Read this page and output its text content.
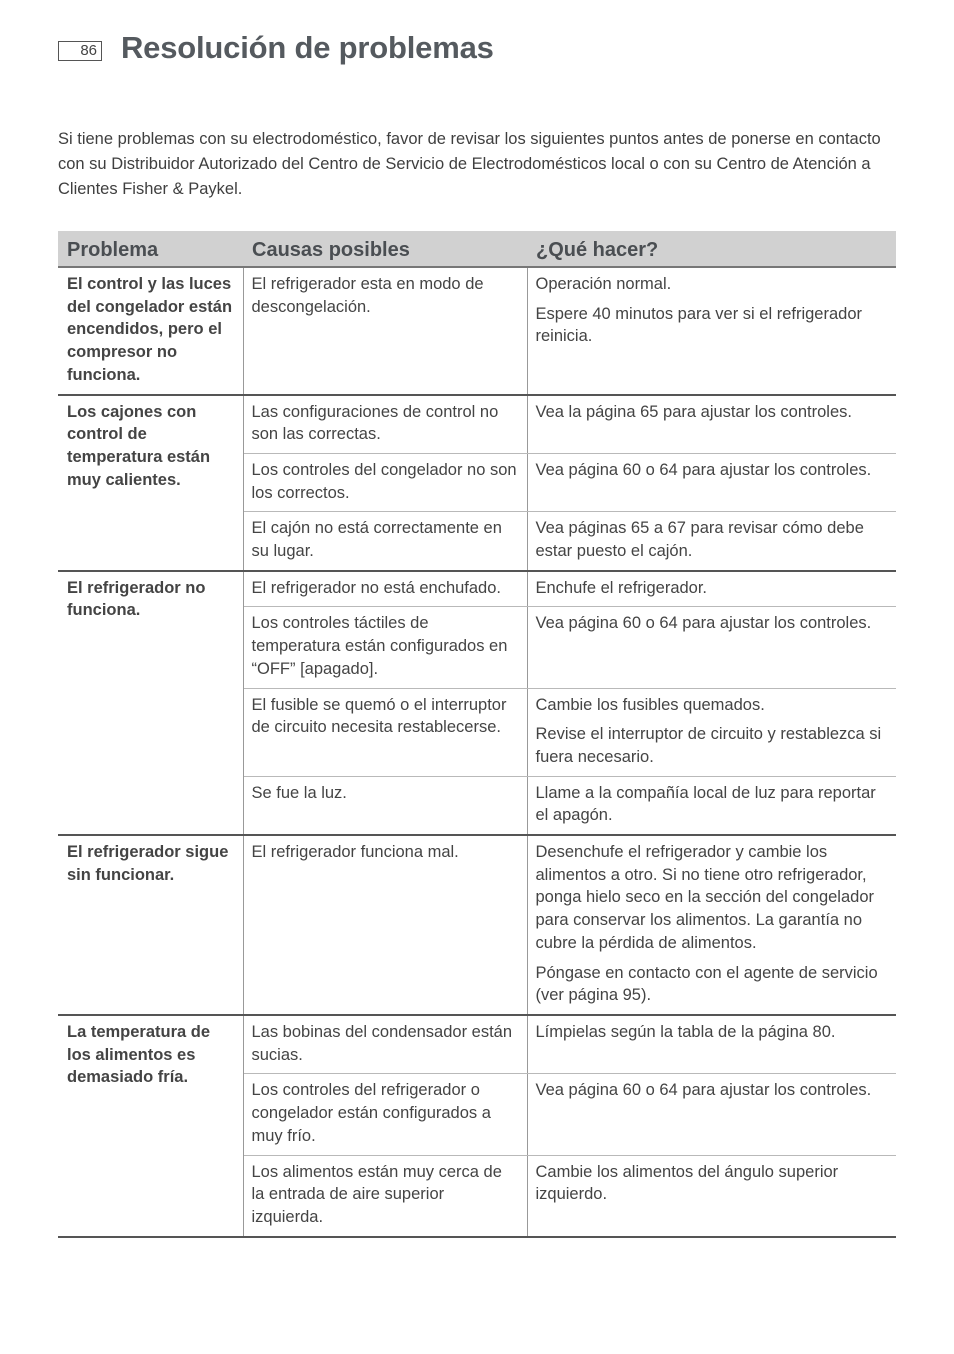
86 Resolución de problemas

Si tiene problemas con su electrodoméstico, favor de revisar los siguientes puntos antes de ponerse en contacto con su Distribuidor Autorizado del Centro de Servicio de Electrodomésticos local o con su Centro de Atención a Clientes Fisher & Paykel.

Problema	Causas posibles	¿Qué hacer?
El control y las luces del congelador están encendidos, pero el compresor no funciona.	El refrigerador esta en modo de descongelación.	Operación normal.

Espere 40 minutos para ver si el refrigerador reinicia.

Los cajones con control de temperatura están muy calientes.	Las configuraciones de control no son las correctas.	Vea la página 65 para ajustar los controles.

	Los controles del congelador no son los correctos.	Vea página 60 o 64 para ajustar los controles.

	El cajón no está correctamente en su lugar.	Vea páginas 65 a 67 para revisar cómo debe estar puesto el cajón.

El refrigerador no funciona.	El refrigerador no está enchufado.	Enchufe el refrigerador.

	Los controles táctiles de temperatura están configurados en “OFF” [apagado].	Vea página 60 o 64 para ajustar los controles.

	El fusible se quemó o el interruptor de circuito necesita restablecerse.	Cambie los fusibles quemados.

Revise el interruptor de circuito y restablezca si fuera necesario.

	Se fue la luz.	Llame a la compañía local de luz para reportar el apagón.

El refrigerador sigue sin funcionar.	El refrigerador funciona mal.	Desenchufe el refrigerador y cambie los alimentos a otro. Si no tiene otro refrigerador, ponga hielo seco en la sección del congelador para conservar los alimentos. La garantía no cubre la pérdida de alimentos.

Póngase en contacto con el agente de servicio (ver página 95).

La temperatura de los alimentos es demasiado fría.	Las bobinas del condensador están sucias.	Límpielas según la tabla de la página 80.

	Los controles del refrigerador o congelador están configurados a muy frío.	Vea página 60 o 64 para ajustar los controles.

	Los alimentos están muy cerca de la entrada de aire superior izquierda.	Cambie los alimentos del ángulo superior izquierdo.
